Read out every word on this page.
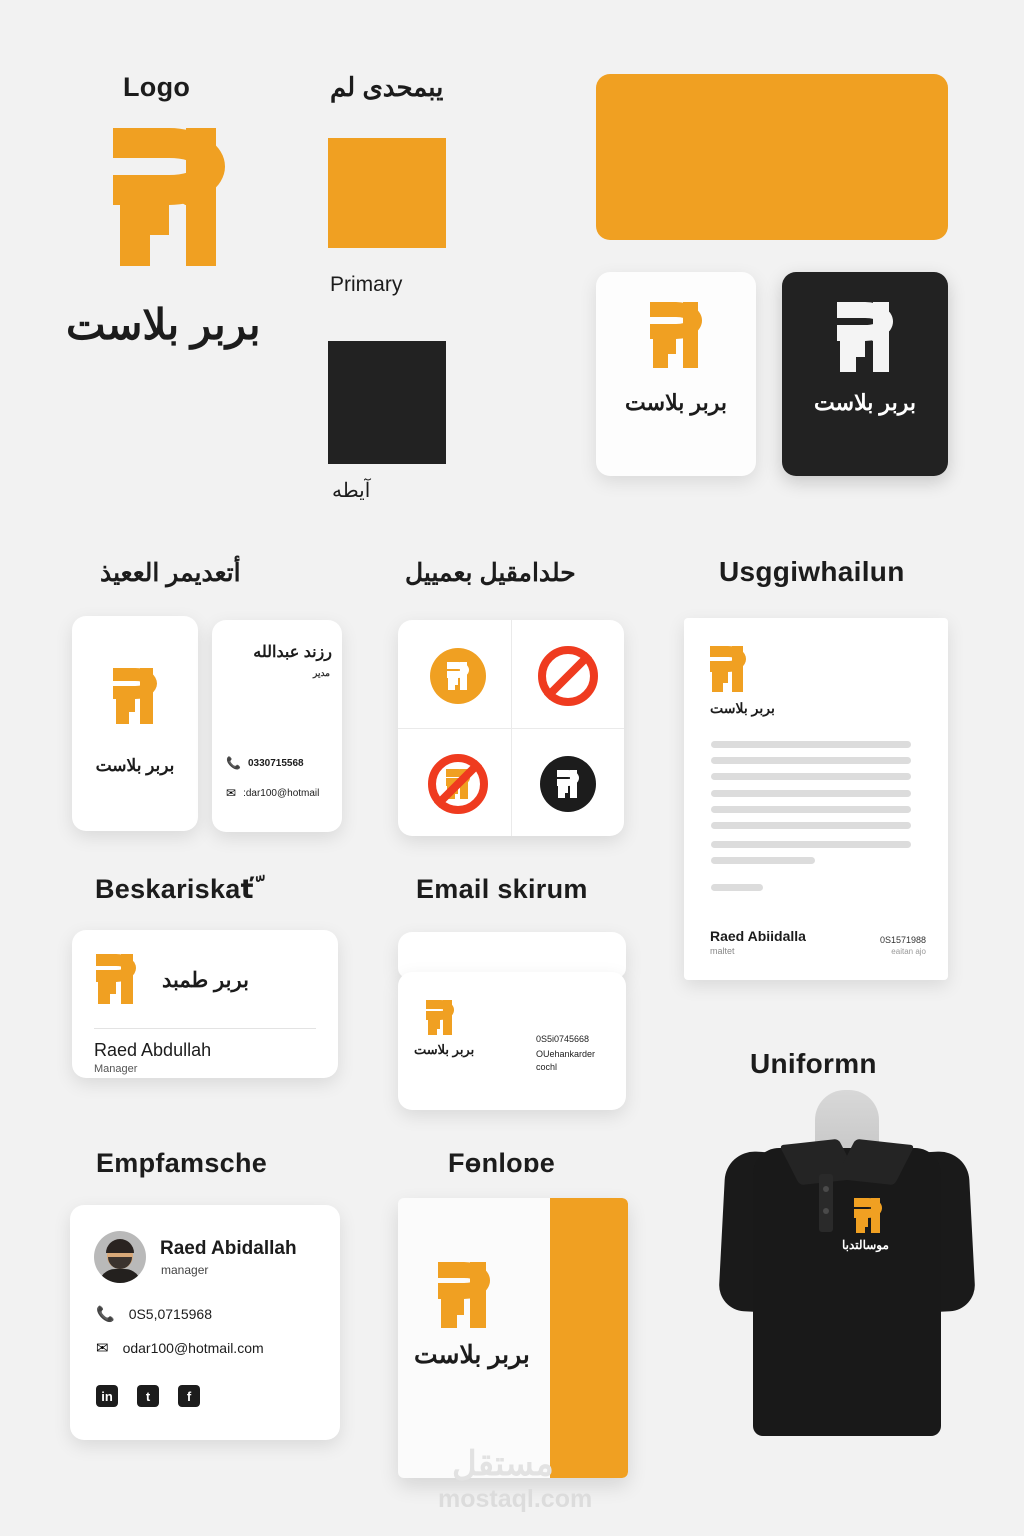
Logo
بربر بلاست
يبمحدى لم
Primary
آيطه
بربر بلاست	بربر بلاست
أتعديمر الععيذ	حلدامقيل بعمييل	Usggiwhailun
بربر بلاست
رزند عبدالله
مدير
📞 0330715568
✉ :dar100@hotmail
بربر بلاست
Raed Abiidalla
maltet
0S1571988
eaitan ajo
Beskariskaťّ
بربر طمبد
Raed Abdullah
Manager
Email skirum
بربر بلاست
0S5i0745668
OUehankarder
cochl	Uniformn
موسالتدبا
Empfamsche
Raed Abidallah
manager
📞 0S5,0715968
✉ odar100@hotmail.com
in	t	f
Fɵnloɒe
بربر بلاست
مستقل
mostaql.com
